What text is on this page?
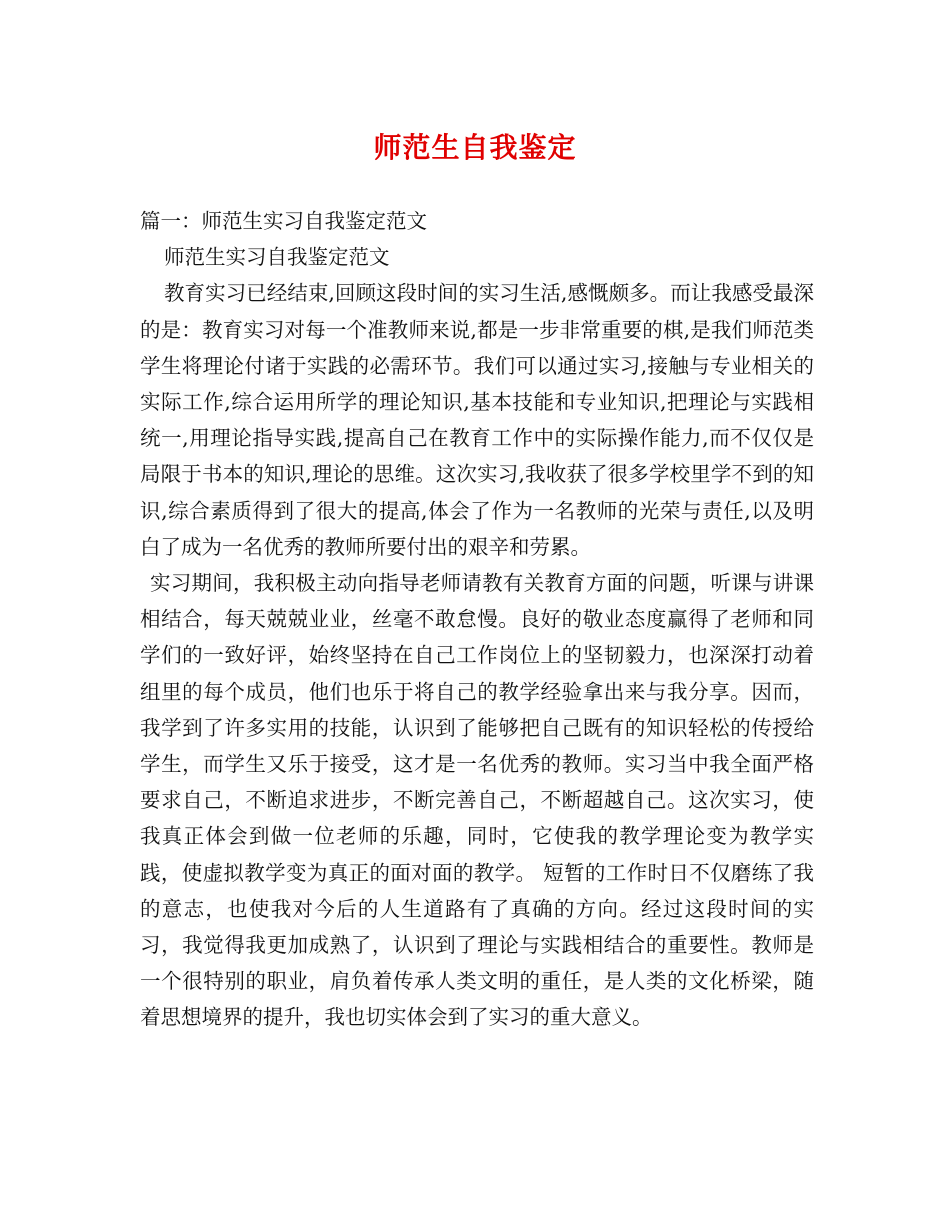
师范生自我鉴定

篇一：师范生实习自我鉴定范文

师范生实习自我鉴定范文

教育实习已经结束,回顾这段时间的实习生活,感慨颇多。而让我感受最深的是：教育实习对每一个准教师来说,都是一步非常重要的棋,是我们师范类学生将理论付诸于实践的必需环节。我们可以通过实习,接触与专业相关的实际工作,综合运用所学的理论知识,基本技能和专业知识,把理论与实践相统一,用理论指导实践,提高自己在教育工作中的实际操作能力,而不仅仅是局限于书本的知识,理论的思维。这次实习,我收获了很多学校里学不到的知识,综合素质得到了很大的提高,体会了作为一名教师的光荣与责任,以及明白了成为一名优秀的教师所要付出的艰辛和劳累。

实习期间，我积极主动向指导老师请教有关教育方面的问题，听课与讲课相结合，每天兢兢业业，丝毫不敢怠慢。良好的敬业态度赢得了老师和同学们的一致好评，始终坚持在自己工作岗位上的坚韧毅力，也深深打动着组里的每个成员，他们也乐于将自己的教学经验拿出来与我分享。因而，我学到了许多实用的技能，认识到了能够把自己既有的知识轻松的传授给学生，而学生又乐于接受，这才是一名优秀的教师。实习当中我全面严格要求自己，不断追求进步，不断完善自己，不断超越自己。这次实习，使我真正体会到做一位老师的乐趣，同时，它使我的教学理论变为教学实践，使虚拟教学变为真正的面对面的教学。 短暂的工作时日不仅磨练了我的意志，也使我对今后的人生道路有了真确的方向。经过这段时间的实习，我觉得我更加成熟了，认识到了理论与实践相结合的重要性。教师是一个很特别的职业，肩负着传承人类文明的重任，是人类的文化桥梁，随着思想境界的提升，我也切实体会到了实习的重大意义。
